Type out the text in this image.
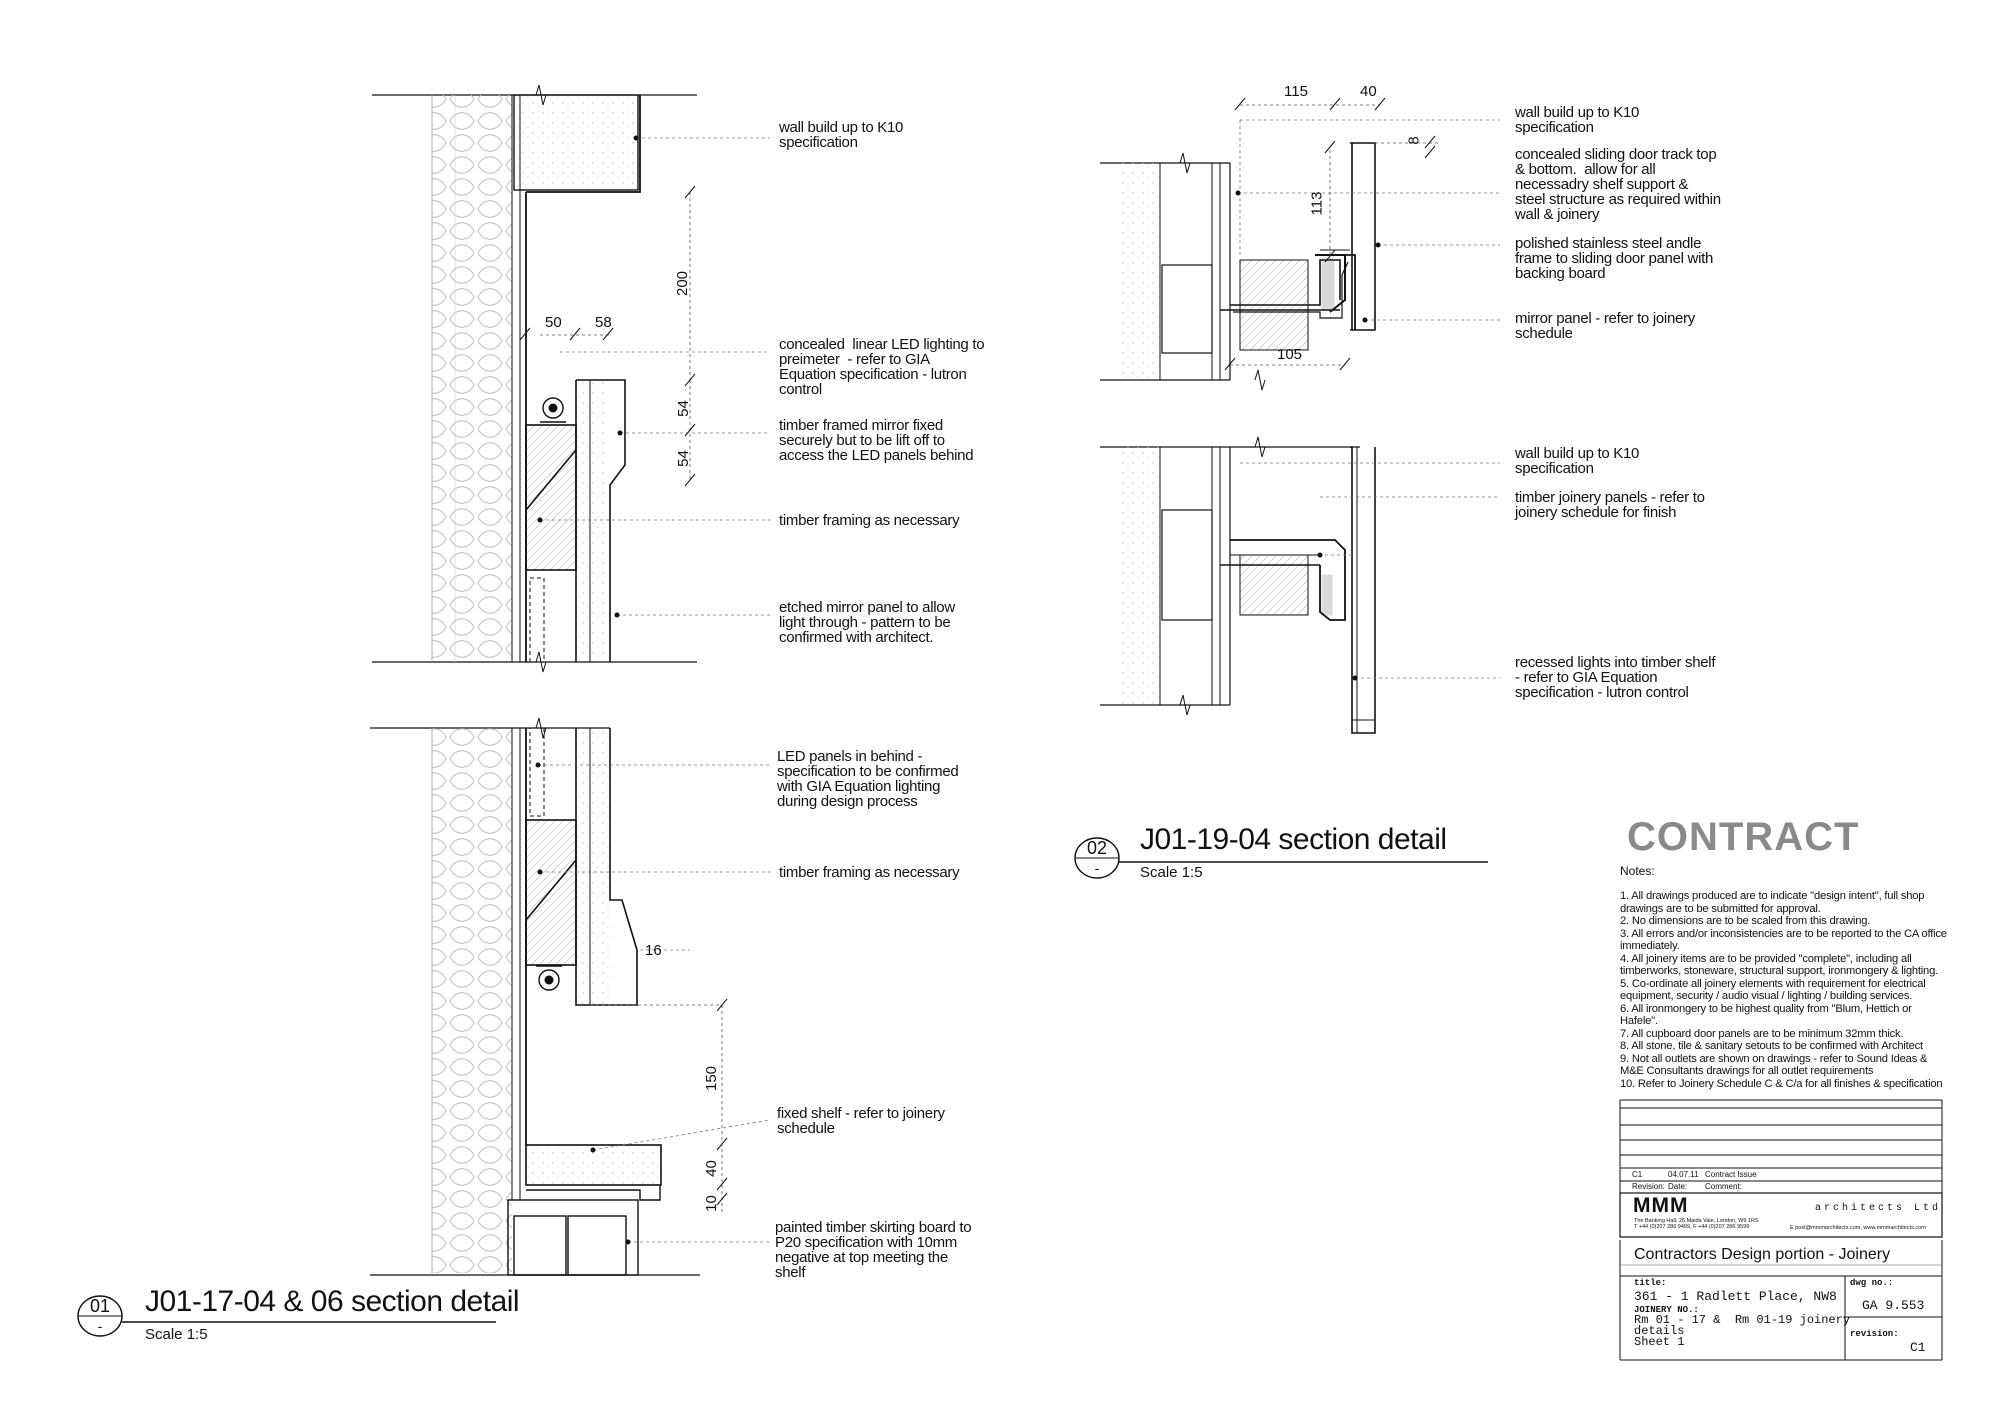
200
50 58
54
54
16
150
40
10
wall build up to K10
specification
concealed  linear LED lighting to
preimeter  - refer to GIA
Equation specification - lutron
control
timber framed mirror fixed
securely but to be lift off to
access the LED panels behind
timber framing as necessary
etched mirror panel to allow
light through - pattern to be
confirmed with architect.
LED panels in behind -
specification to be confirmed
with GIA Equation lighting
during design process
timber framing as necessary
fixed shelf - refer to joinery
schedule
painted timber skirting board to
P20 specification with 10mm
negative at top meeting the
shelf
01
-
J01-17-04 & 06 section detail
Scale 1:5
115	40
8
113
105
wall build up to K10
specification
concealed sliding door track top
& bottom.  allow for all
necessadry shelf support &
steel structure as required within
wall & joinery
polished stainless steel andle
frame to sliding door panel with
backing board
mirror panel - refer to joinery
schedule
wall build up to K10
specification
timber joinery panels - refer to
joinery schedule for finish
recessed lights into timber shelf
- refer to GIA Equation
specification - lutron control
02
-
J01-19-04 section detail
Scale 1:5
CONTRACT
Notes:
1. All drawings produced are to indicate "design intent", full shop drawings are to be submitted for approval.
2. No dimensions are to be scaled from this drawing.
3. All errors and/or inconsistencies are to be reported to the CA office immediately.
4. All joinery items are to be provided "complete", including all timberworks, stoneware, structural support, ironmongery & lighting.
5. Co-ordinate all joinery elements with requirement for electrical equipment, security / audio visual / lighting / building services.
6. All ironmongery to be highest quality from "Blum, Hettich or Hafele".
7. All cupboard door panels are to be minimum 32mm thick.
8. All stone, tile & sanitary setouts to be confirmed with Architect
9. Not all outlets are shown on drawings - refer to Sound Ideas & M&E Consultants drawings for all outlet requirements
10. Refer to Joinery Schedule C & C/a for all finishes & specification
C1	04.07.11 Contract Issue
Revision: Date: Comment:
MMM	architects Ltd
The Banking Hall, 26 Maida Vale, London, W9 1RS
T +44 (0)207 286 9499, F +44 (0)207 286 9599	E post@mmmarchitects.com, www.mmmarchitects.com
Contractors Design portion - Joinery
title:
361 - 1 Radlett Place, NW8
JOINERY NO.:
Rm 01 - 17 &  Rm 01-19 joinery
details
Sheet 1
dwg no.:
GA 9.553
revision:
C1
